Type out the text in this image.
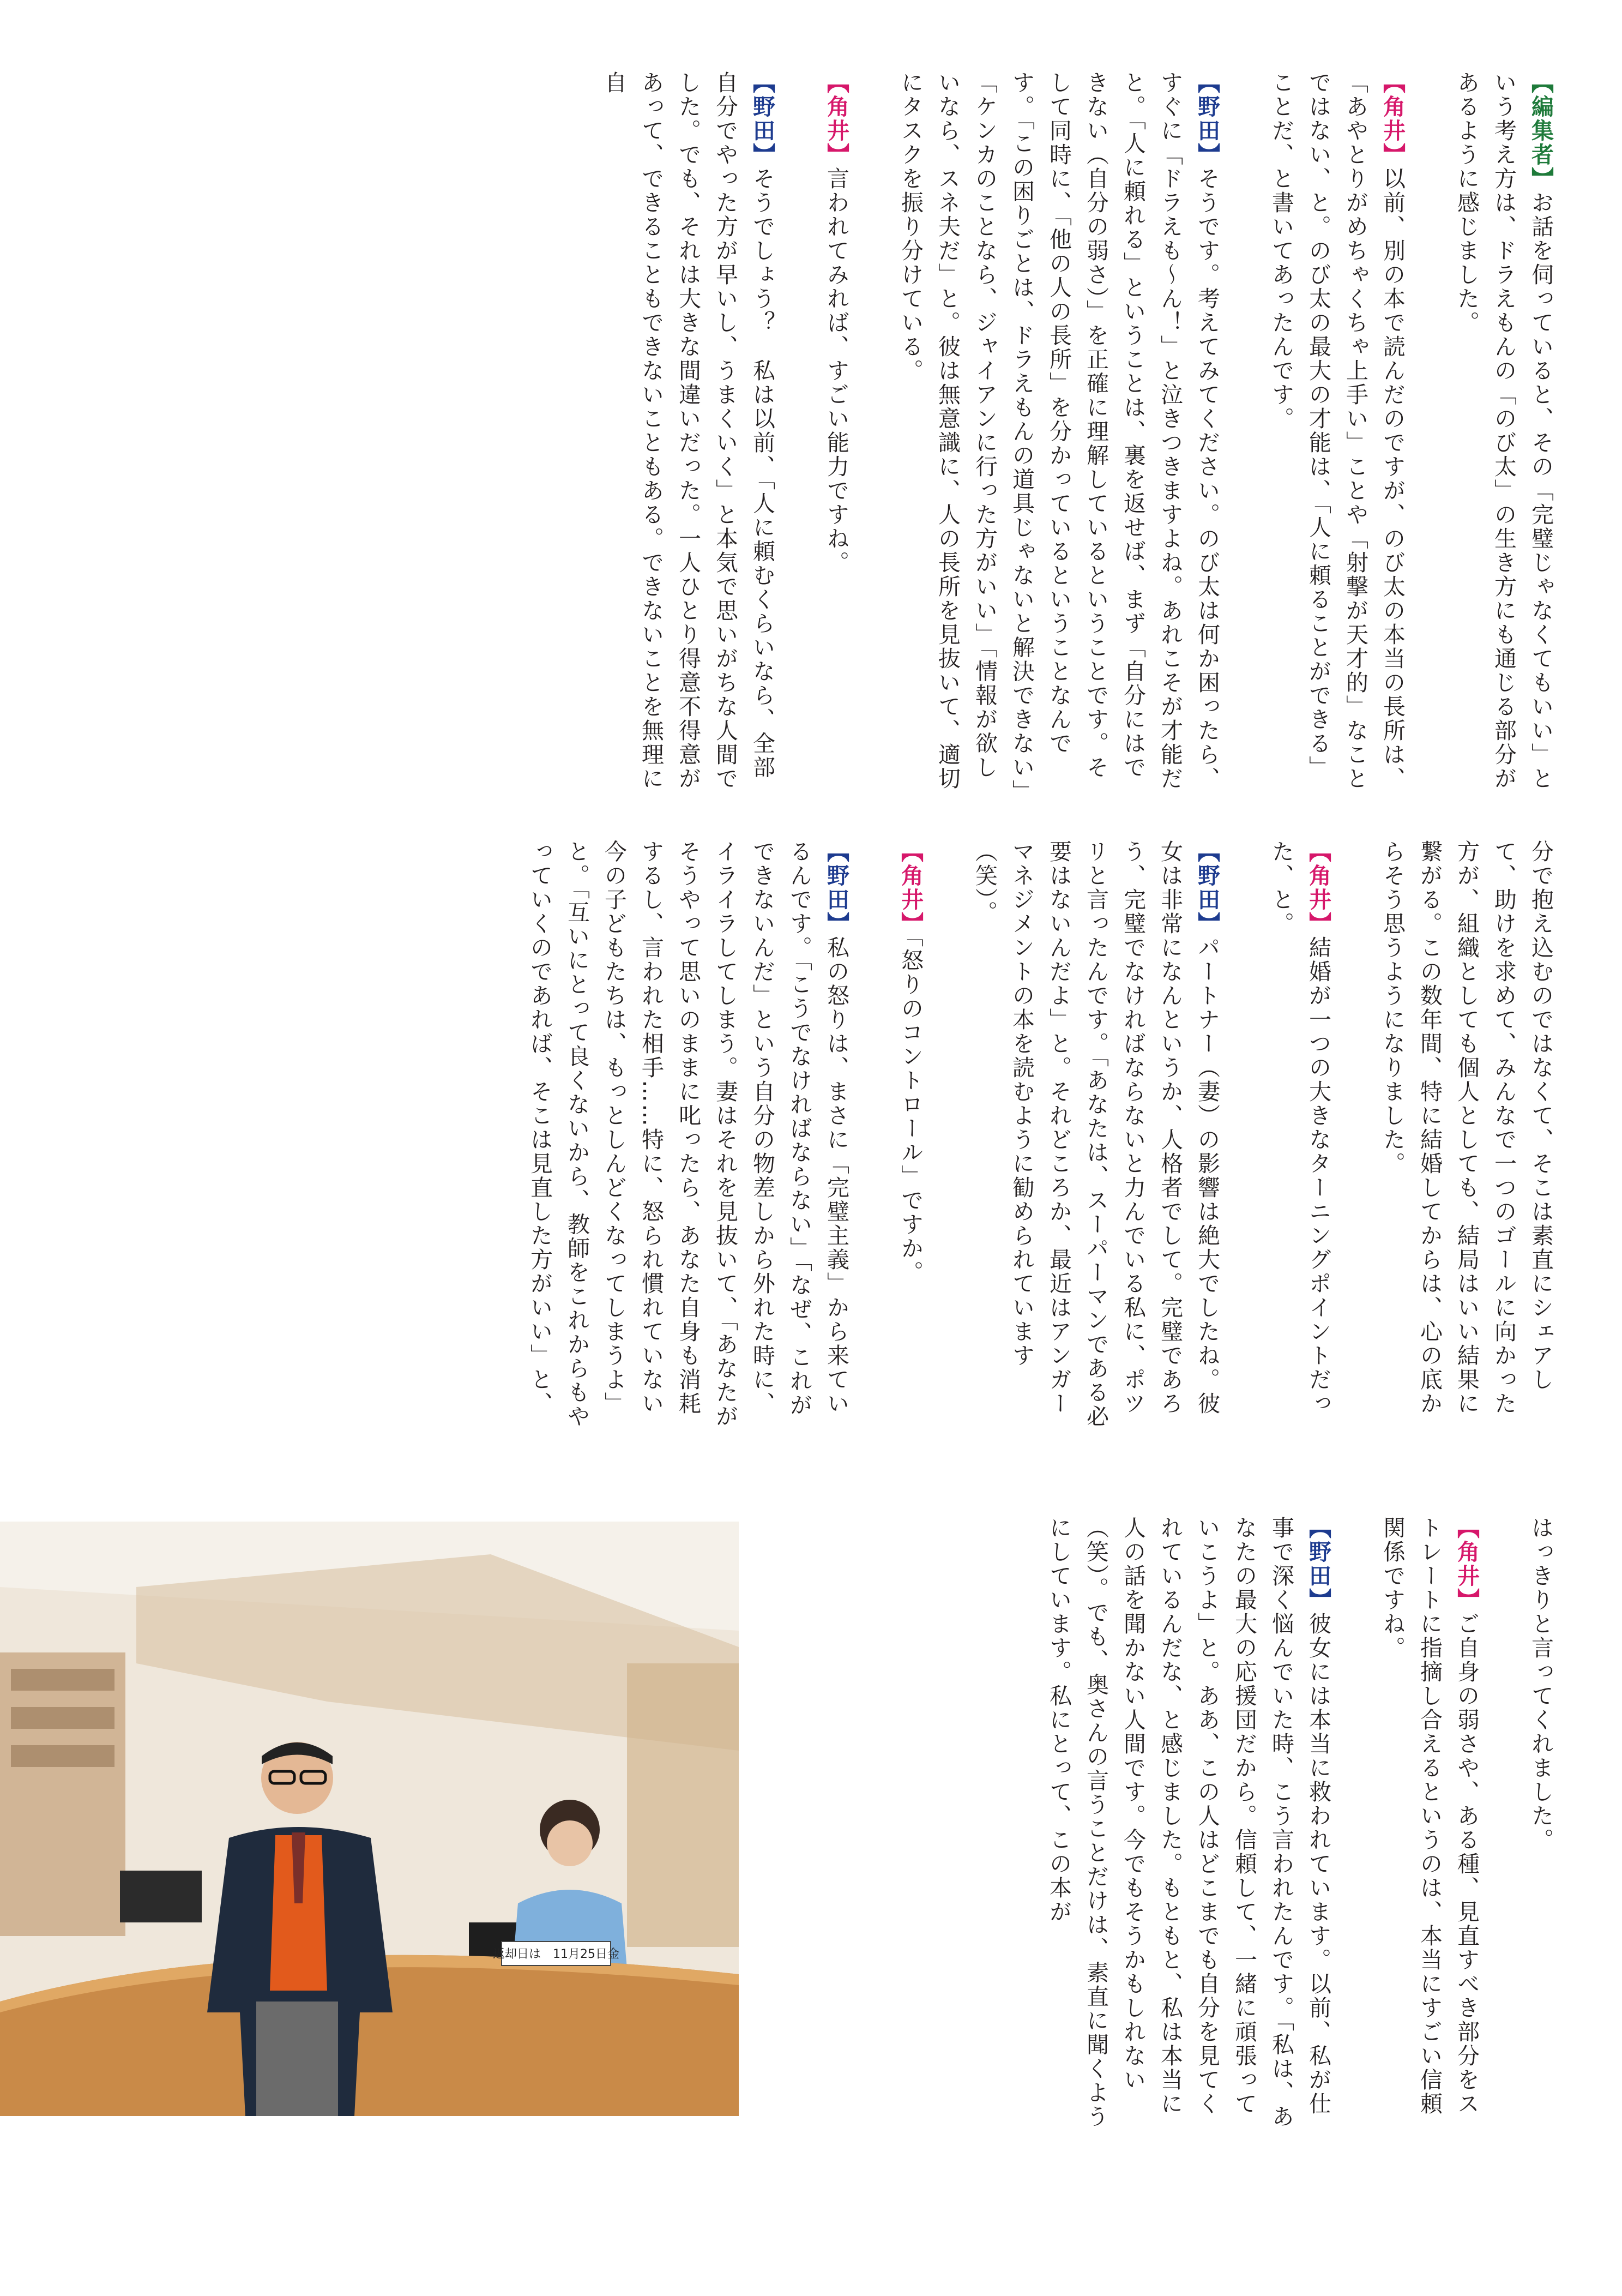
【編集者】お話を伺っていると、その「完璧じゃなくてもいい」という考え方は、ドラえもんの「のび太」の生き方にも通じる部分があるように感じました。

【角井】以前、別の本で読んだのですが、のび太の本当の長所は、「あやとりがめちゃくちゃ上手い」ことや「射撃が天才的」なことではない、と。のび太の最大の才能は、「人に頼ることができる」ことだ、と書いてあったんです。

【野田】そうです。考えてみてください。のび太は何か困ったら、すぐに「ドラえも〜ん！」と泣きつきますよね。あれこそが才能だと。「人に頼れる」ということは、裏を返せば、まず「自分にはできない（自分の弱さ）」を正確に理解しているということです。そして同時に、「他の人の長所」を分かっているということなんです。「この困りごとは、ドラえもんの道具じゃないと解決できない」「ケンカのことなら、ジャイアンに行った方がいい」「情報が欲しいなら、スネ夫だ」と。彼は無意識に、人の長所を見抜いて、適切にタスクを振り分けている。

【角井】言われてみれば、すごい能力ですね。

【野田】そうでしょう？　私は以前、「人に頼むくらいなら、全部自分でやった方が早いし、うまくいく」と本気で思いがちな人間でした。でも、それは大きな間違いだった。一人ひとり得意不得意があって、できることもできないこともある。できないことを無理に自

分で抱え込むのではなくて、そこは素直にシェアして、助けを求めて、みんなで一つのゴールに向かった方が、組織としても個人としても、結局はいい結果に繋がる。この数年間、特に結婚してからは、心の底からそう思うようになりました。

【角井】結婚が一つの大きなターニングポイントだった、と。

【野田】パートナー（妻）の影響は絶大でしたね。彼女は非常になんというか、人格者でして。完璧であろう、完璧でなければならないと力んでいる私に、ポツリと言ったんです。「あなたは、スーパーマンである必要はないんだよ」と。それどころか、最近はアンガーマネジメントの本を読むように勧められています（笑）。

【角井】「怒りのコントロール」ですか。

【野田】私の怒りは、まさに「完璧主義」から来ているんです。「こうでなければならない」「なぜ、これができないんだ」という自分の物差しから外れた時に、イライラしてしまう。妻はそれを見抜いて、「あなたがそうやって思いのままに叱ったら、あなた自身も消耗するし、言われた相手……特に、怒られ慣れていない今の子どもたちは、もっとしんどくなってしまうよ」と。「互いにとって良くないから、教師をこれからもやっていくのであれば、そこは見直した方がいい」と、

はっきりと言ってくれました。

【角井】ご自身の弱さや、ある種、見直すべき部分をストレートに指摘し合えるというのは、本当にすごい信頼関係ですね。

【野田】彼女には本当に救われています。以前、私が仕事で深く悩んでいた時、こう言われたんです。「私は、あなたの最大の応援団だから。信頼して、一緒に頑張っていこうよ」と。ああ、この人はどこまでも自分を見てくれているんだな、と感じました。もともと、私は本当に人の話を聞かない人間です。今でもそうかもしれない（笑）。でも、奥さんの言うことだけは、素直に聞くようにしています。私にとって、この本が

返却日は　11月25日金
